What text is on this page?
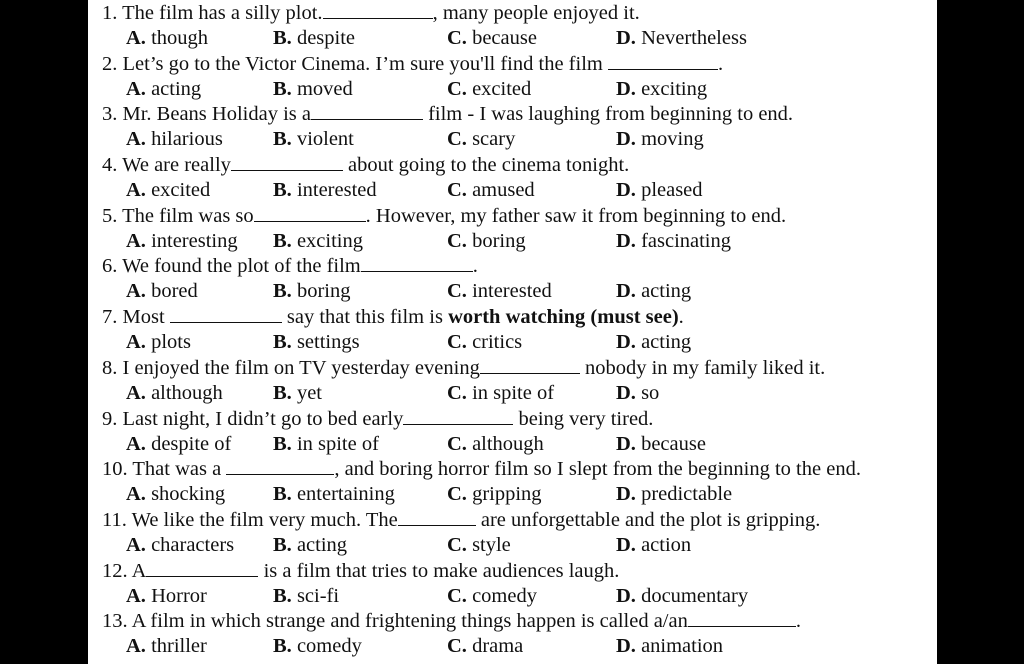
1. The film has a silly plot.	, many people enjoyed it.
A. though	B. despite	C. because	D. Nevertheless
2. Let’s go to the Victor Cinema. I’m sure you'll find the film	.
A. acting	B. moved	C. excited	D. exciting
3. Mr. Beans Holiday is a	film - I was laughing from beginning to end.
A. hilarious B. violent	C. scary	D. moving
4. We are really	about going to the cinema tonight.
A. excited	B. interested	C. amused	D. pleased
5. The film was so	. However, my father saw it from beginning to end.
A. interesting B. exciting	C. boring	D. fascinating
6. We found the plot of the film	.
A. bored	B. boring	C. interested	D. acting
7. Most	say that this film is worth watching (must see).
A. plots	B. settings	C. critics	D. acting
8. I enjoyed the film on TV yesterday evening	nobody in my family liked it.
A. although B. yet	C. in spite of	D. so
9. Last night, I didn’t go to bed early	being very tired.
A. despite of B. in spite of	C. although	D. because
10. That was a	, and boring horror film so I slept from the beginning to the end.
A. shocking B. entertaining	C. gripping	D. predictable
11. We like the film very much. The	are unforgettable and the plot is gripping.
A. characters B. acting	C. style	D. action
12. A	is a film that tries to make audiences laugh.
A. Horror	B. sci-fi	C. comedy	D. documentary
13. A film in which strange and frightening things happen is called a/an	.
A. thriller	B. comedy	C. drama	D. animation
